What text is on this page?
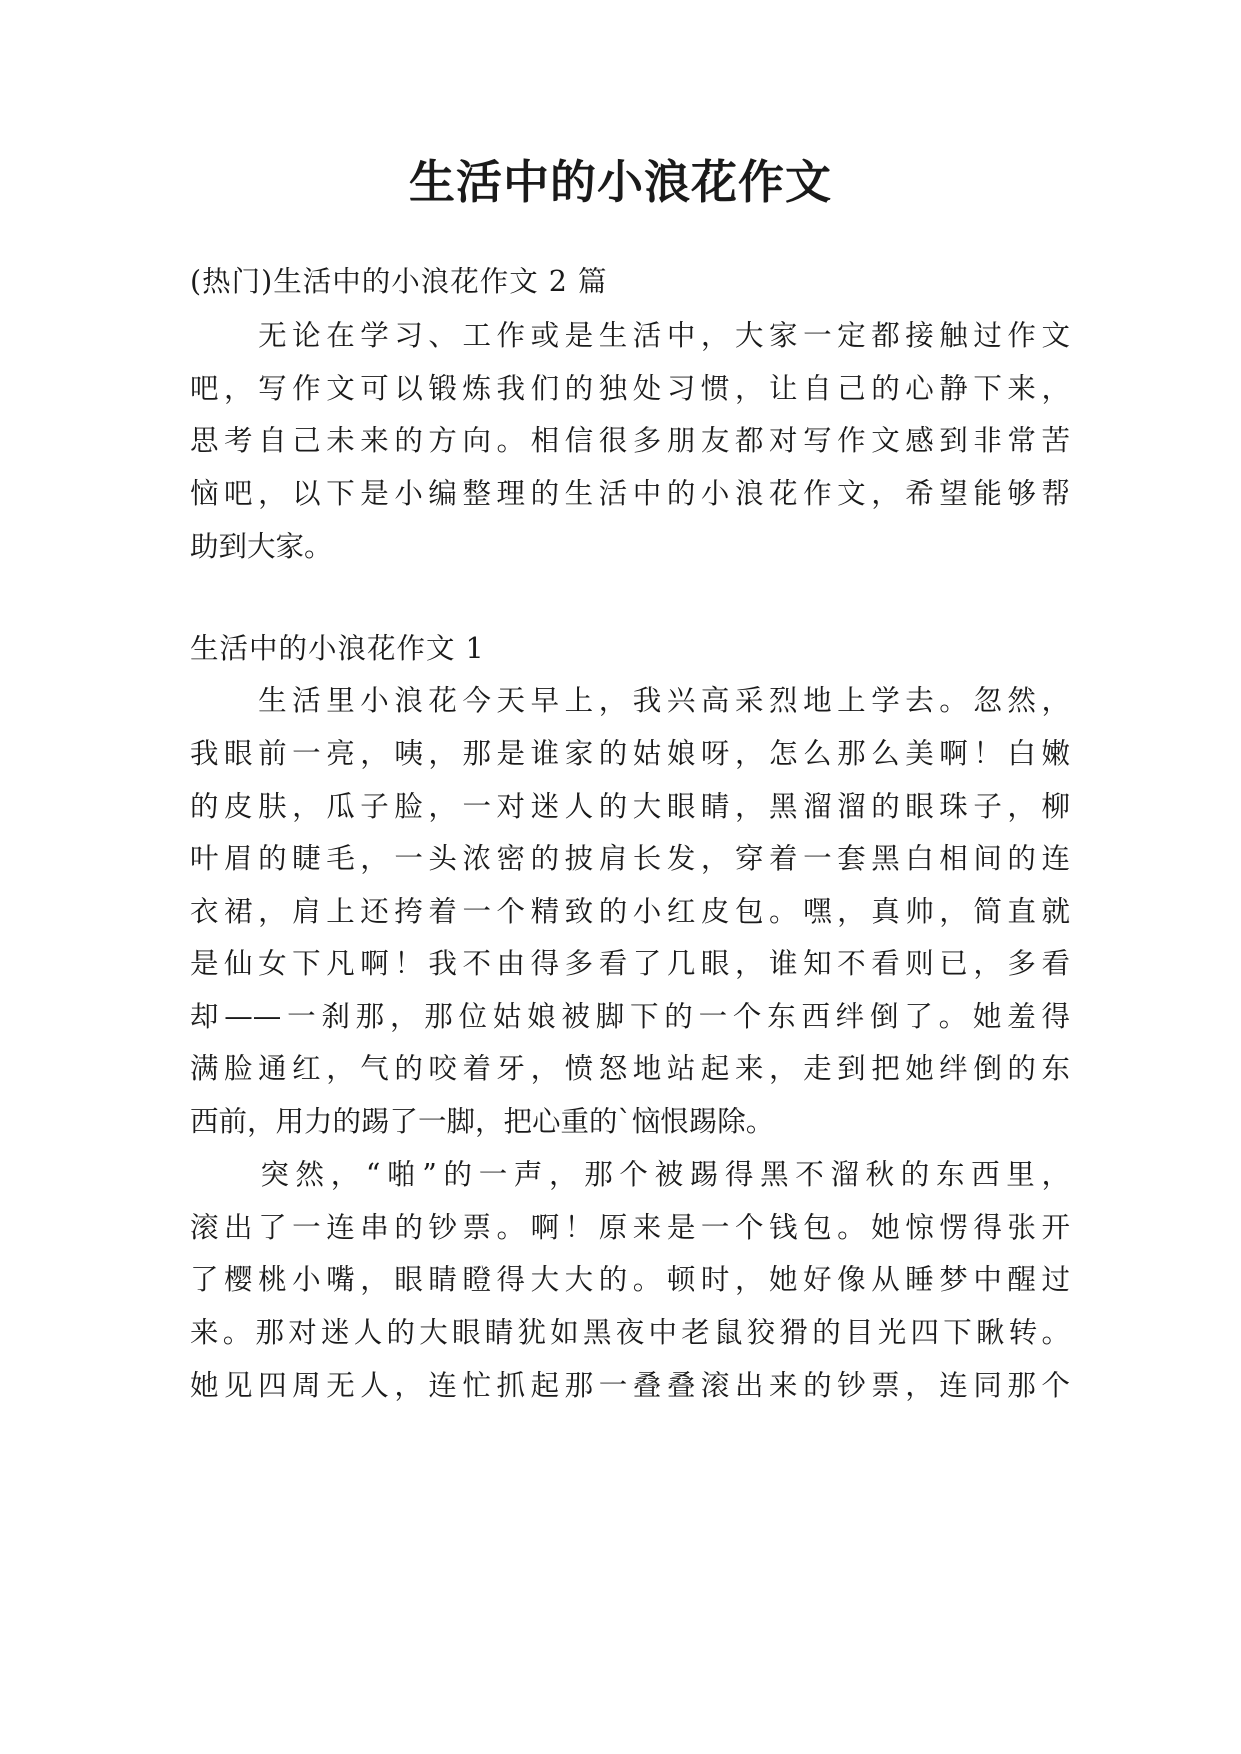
生活中的小浪花作文
(热门)生活中的小浪花作文 2 篇
　　无论在学习、工作或是生活中，大家一定都接触过作文
吧，写作文可以锻炼我们的独处习惯，让自己的心静下来，
思考自己未来的方向。相信很多朋友都对写作文感到非常苦
恼吧，以下是小编整理的生活中的小浪花作文，希望能够帮
助到大家。
生活中的小浪花作文 1
　　生活里小浪花今天早上，我兴高采烈地上学去。忽然，
我眼前一亮，咦，那是谁家的姑娘呀，怎么那么美啊！白嫩
的皮肤，瓜子脸，一对迷人的大眼睛，黑溜溜的眼珠子，柳
叶眉的睫毛，一头浓密的披肩长发，穿着一套黑白相间的连
衣裙，肩上还挎着一个精致的小红皮包。嘿，真帅，简直就
是仙女下凡啊！我不由得多看了几眼，谁知不看则已，多看
却——一刹那，那位姑娘被脚下的一个东西绊倒了。她羞得
满脸通红，气的咬着牙，愤怒地站起来，走到把她绊倒的东
西前，用力的踢了一脚，把心重的`恼恨踢除。
　　突然，“啪”的一声，那个被踢得黑不溜秋的东西里，
滚出了一连串的钞票。啊！原来是一个钱包。她惊愣得张开
了樱桃小嘴，眼睛瞪得大大的。顿时，她好像从睡梦中醒过
来。那对迷人的大眼睛犹如黑夜中老鼠狡猾的目光四下瞅转。
她见四周无人，连忙抓起那一叠叠滚出来的钞票，连同那个
